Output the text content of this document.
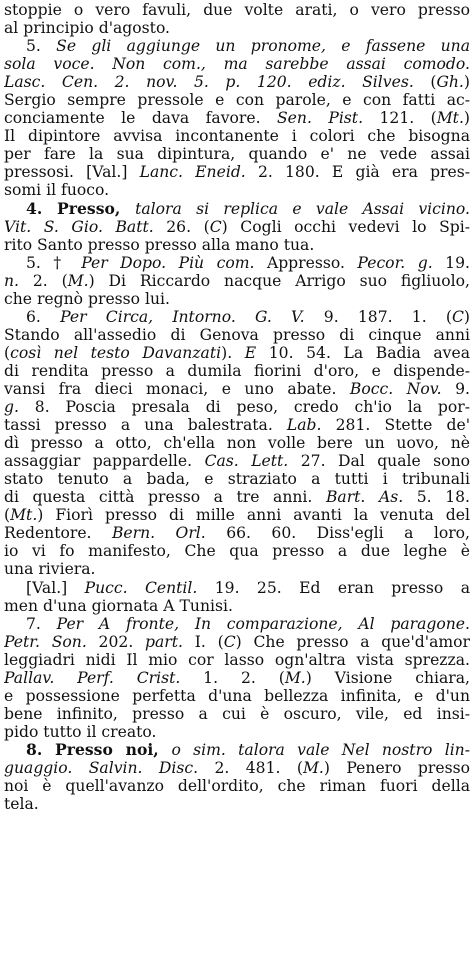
stoppie o vero favuli, due volte arati, o vero presso
al principio d'agosto.
5. Se gli aggiunge un pronome, e fassene una
sola voce. Non com., ma sarebbe assai comodo.
Lasc. Cen. 2. nov. 5. p. 120. ediz. Silves. (Gh.)
Sergio sempre pressole e con parole, e con fatti ac-
conciamente le dava favore. Sen. Pist. 121. (Mt.)
Il dipintore avvisa incontanente i colori che bisogna
per fare la sua dipintura, quando e' ne vede assai
pressosi. [Val.] Lanc. Eneid. 2. 180. E già era pres-
somi il fuoco.
4. Presso, talora si replica e vale Assai vicino.
Vit. S. Gio. Batt. 26. (C) Cogli occhi vedevi lo Spi-
rito Santo presso presso alla mano tua.
5. † Per Dopo. Più com. Appresso. Pecor. g. 19.
n. 2. (M.) Di Riccardo nacque Arrigo suo figliuolo,
che regnò presso lui.
6. Per Circa, Intorno. G. V. 9. 187. 1. (C)
Stando all'assedio di Genova presso di cinque anni
(così nel testo Davanzati). E 10. 54. La Badia avea
di rendita presso a dumila fiorini d'oro, e dispende-
vansi fra dieci monaci, e uno abate. Bocc. Nov. 9.
g. 8. Poscia presala di peso, credo ch'io la por-
tassi presso a una balestrata. Lab. 281. Stette de'
dì presso a otto, ch'ella non volle bere un uovo, nè
assaggiar pappardelle. Cas. Lett. 27. Dal quale sono
stato tenuto a bada, e straziato a tutti i tribunali
di questa città presso a tre anni. Bart. As. 5. 18.
(Mt.) Fiorì presso di mille anni avanti la venuta del
Redentore. Bern. Orl. 66. 60. Diss'egli a loro,
io vi fo manifesto, Che qua presso a due leghe è
una riviera.
[Val.] Pucc. Centil. 19. 25. Ed eran presso a
men d'una giornata A Tunisi.
7. Per A fronte, In comparazione, Al paragone.
Petr. Son. 202. part. I. (C) Che presso a que'd'amor
leggiadri nidi Il mio cor lasso ogn'altra vista sprezza.
Pallav. Perf. Crist. 1. 2. (M.) Visione chiara,
e possessione perfetta d'una bellezza infinita, e d'un
bene infinito, presso a cui è oscuro, vile, ed insi-
pido tutto il creato.
8. Presso noi, o sim. talora vale Nel nostro lin-
guaggio. Salvin. Disc. 2. 481. (M.) Penero presso
noi è quell'avanzo dell'ordito, che riman fuori della
tela.
